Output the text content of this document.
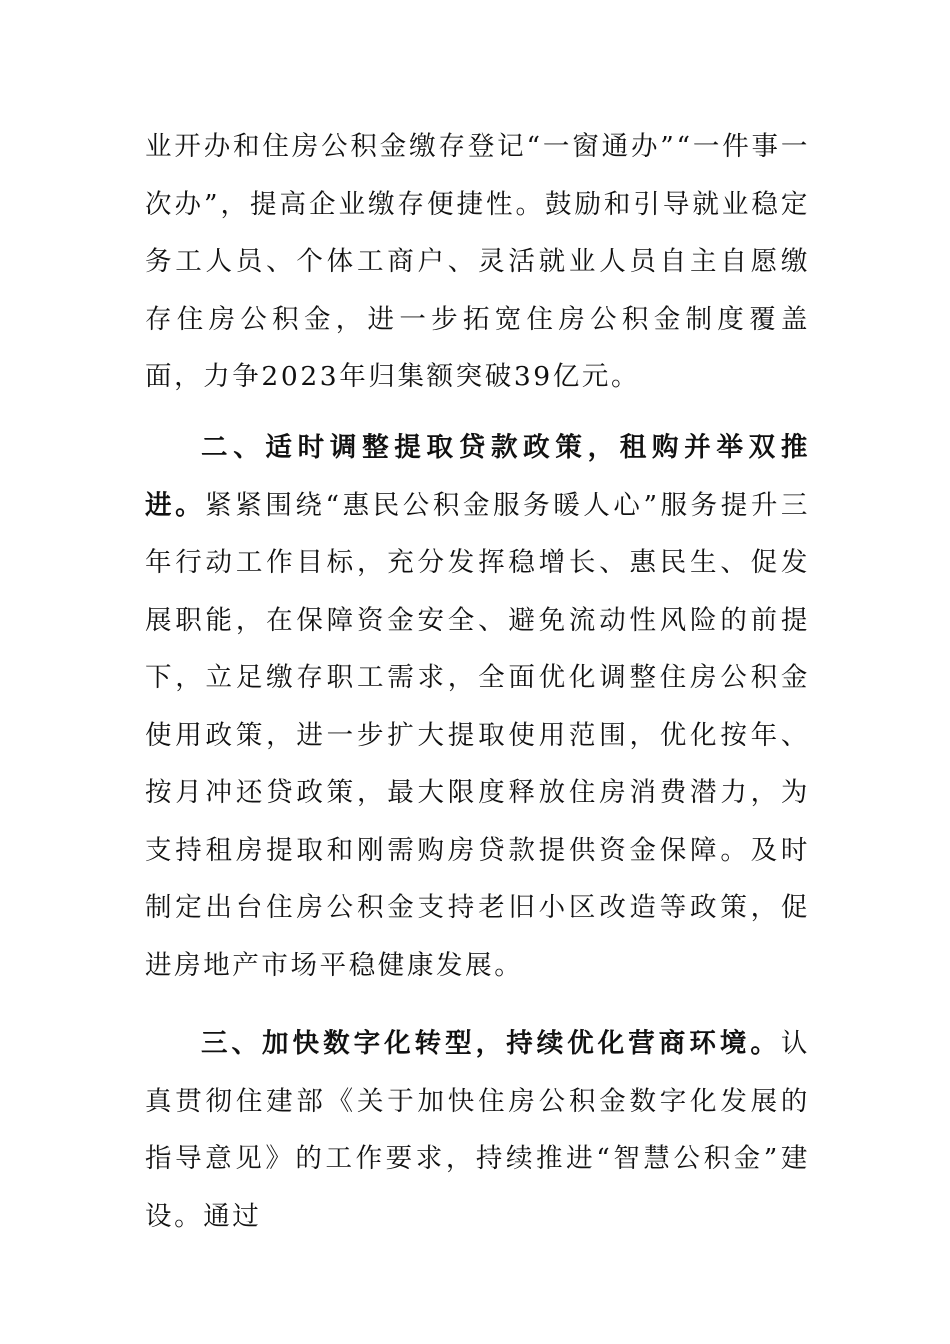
业开办和住房公积金缴存登记“一窗通办”“一件事一次办”，提高企业缴存便捷性。鼓励和引导就业稳定务工人员、个体工商户、灵活就业人员自主自愿缴存住房公积金，进一步拓宽住房公积金制度覆盖面，力争2023年归集额突破39亿元。

二、适时调整提取贷款政策，租购并举双推进。紧紧围绕“惠民公积金服务暖人心”服务提升三年行动工作目标，充分发挥稳增长、惠民生、促发展职能，在保障资金安全、避免流动性风险的前提下，立足缴存职工需求，全面优化调整住房公积金使用政策，进一步扩大提取使用范围，优化按年、按月冲还贷政策，最大限度释放住房消费潜力，为支持租房提取和刚需购房贷款提供资金保障。及时制定出台住房公积金支持老旧小区改造等政策，促进房地产市场平稳健康发展。

三、加快数字化转型，持续优化营商环境。认真贯彻住建部《关于加快住房公积金数字化发展的指导意见》的工作要求，持续推进“智慧公积金”建设。通过
